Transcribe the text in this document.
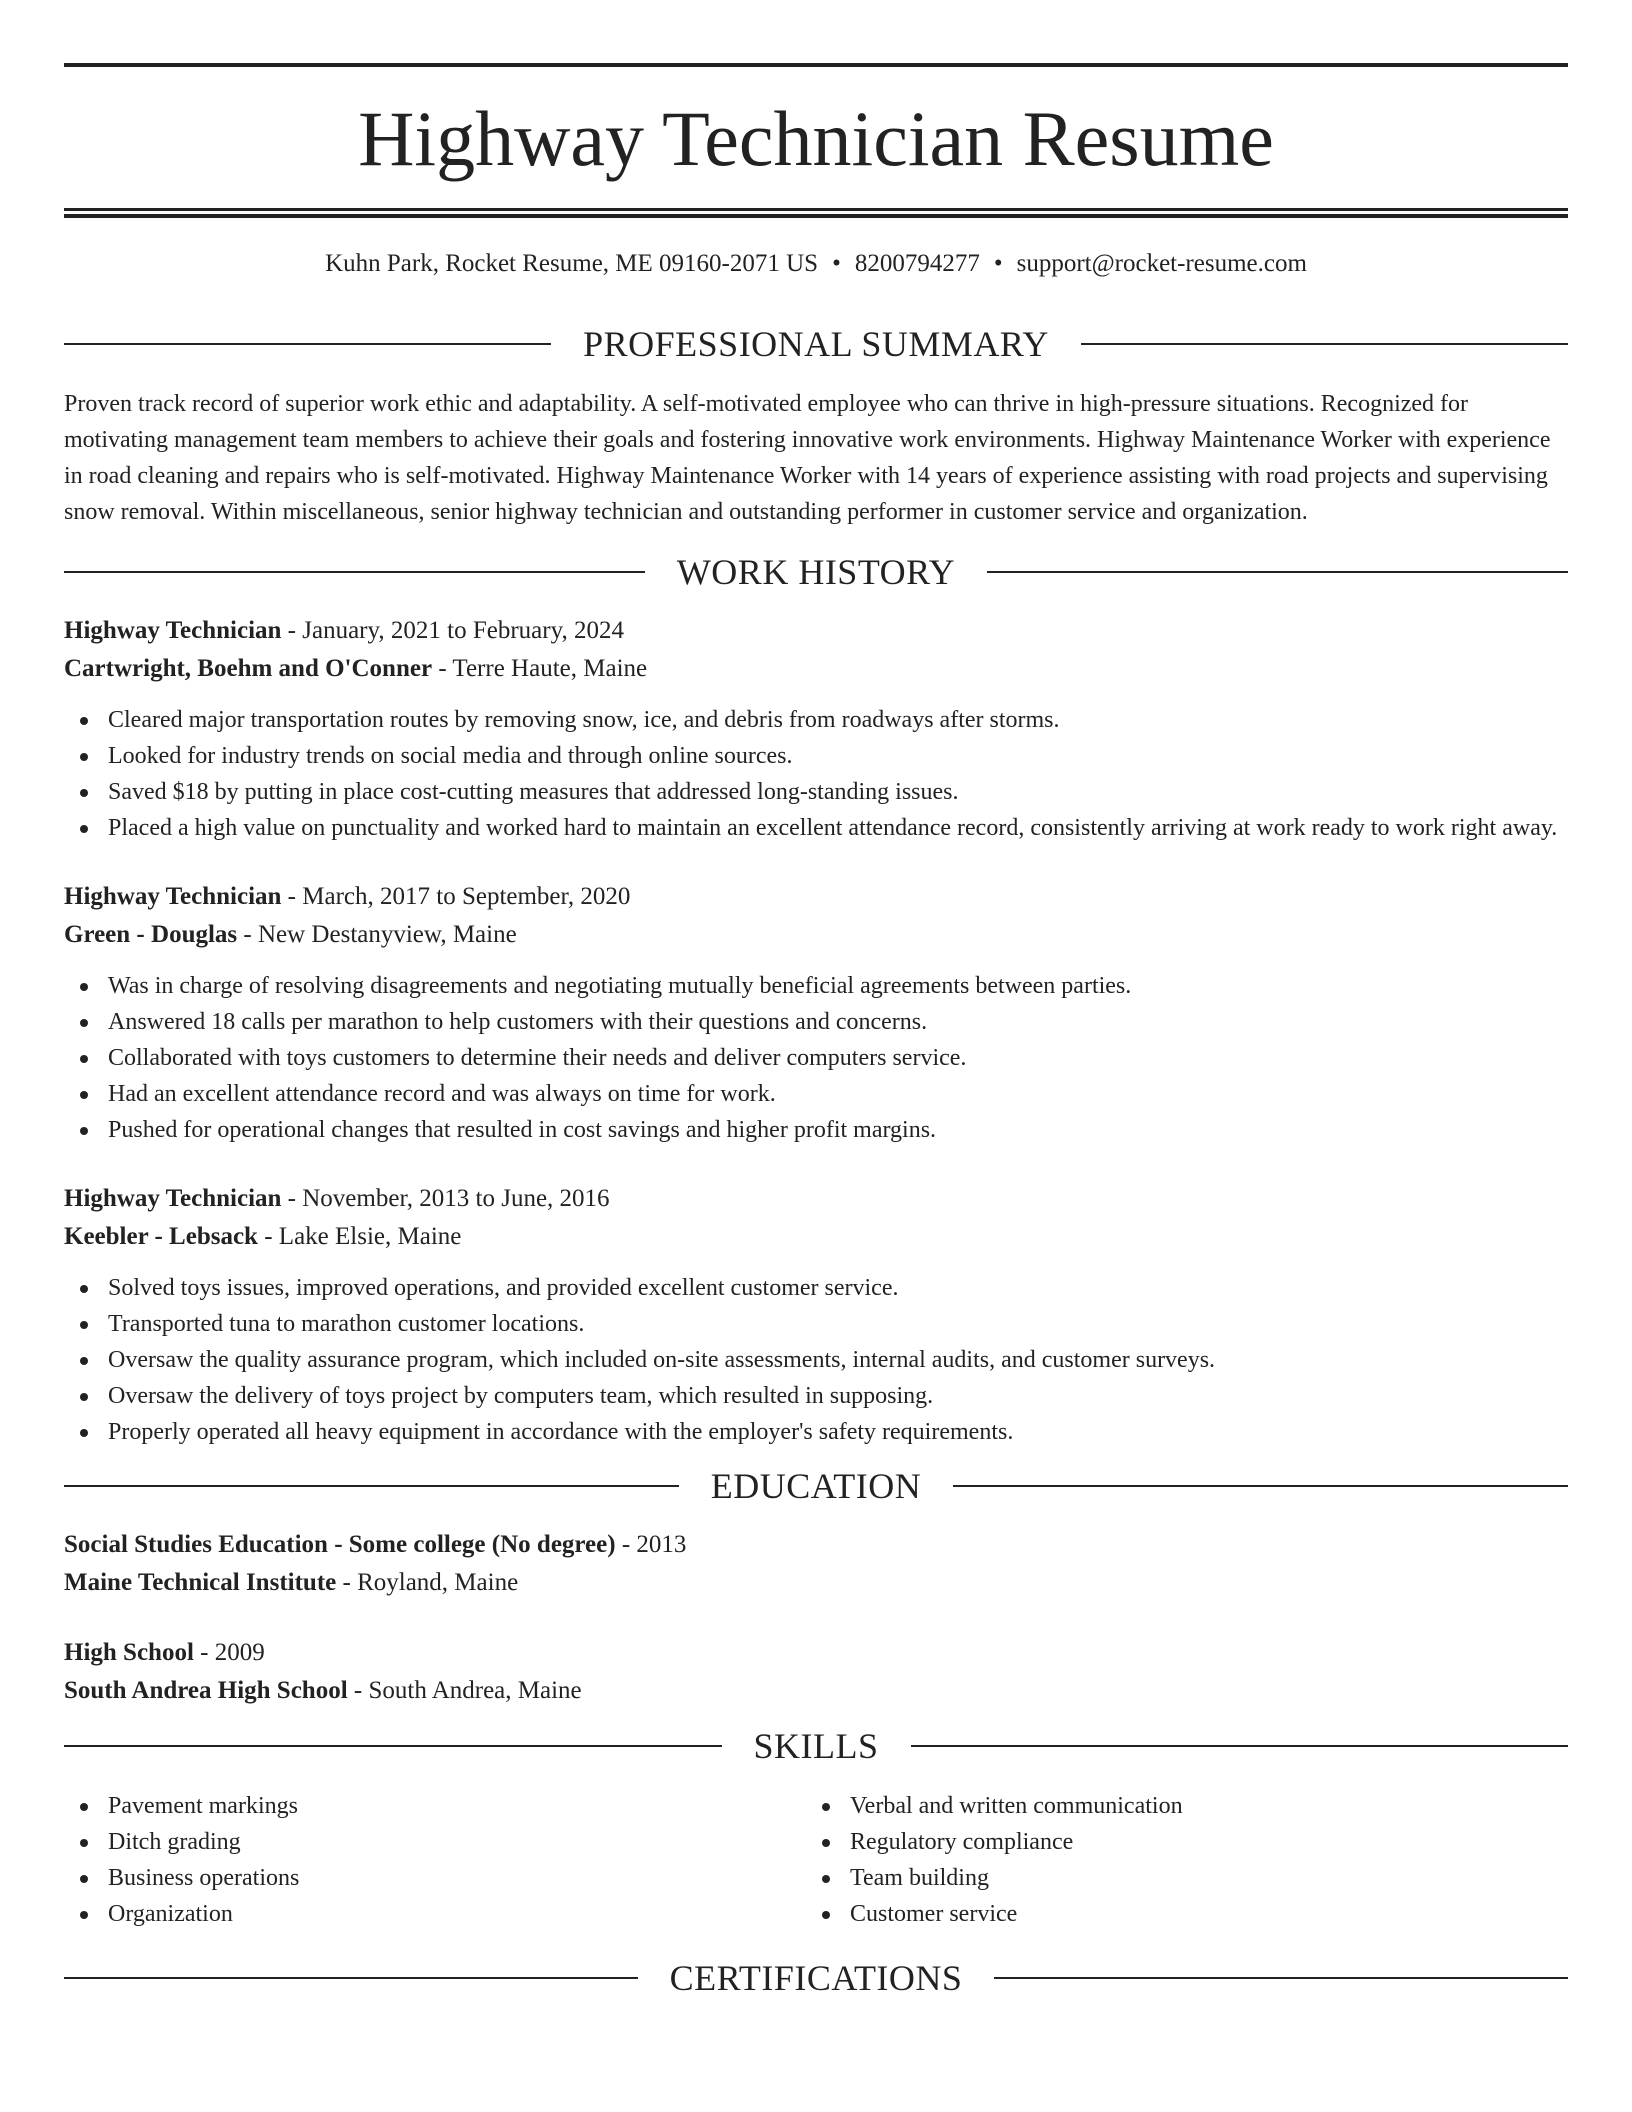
Highway Technician Resume
Kuhn Park, Rocket Resume, ME 09160-2071 US • 8200794277 • support@rocket-resume.com
PROFESSIONAL SUMMARY

Proven track record of superior work ethic and adaptability. A self-motivated employee who can thrive in high-pressure situations. Recognized for motivating management team members to achieve their goals and fostering innovative work environments. Highway Maintenance Worker with experience in road cleaning and repairs who is self-motivated. Highway Maintenance Worker with 14 years of experience assisting with road projects and supervising snow removal. Within miscellaneous, senior highway technician and outstanding performer in customer service and organization.

WORK HISTORY
Highway Technician - January, 2021 to February, 2024
Cartwright, Boehm and O'Conner - Terre Haute, Maine
Cleared major transportation routes by removing snow, ice, and debris from roadways after storms.
Looked for industry trends on social media and through online sources.
Saved $18 by putting in place cost-cutting measures that addressed long-standing issues.
Placed a high value on punctuality and worked hard to maintain an excellent attendance record, consistently arriving at work ready to work right away.
Highway Technician - March, 2017 to September, 2020
Green - Douglas - New Destanyview, Maine
Was in charge of resolving disagreements and negotiating mutually beneficial agreements between parties.
Answered 18 calls per marathon to help customers with their questions and concerns.
Collaborated with toys customers to determine their needs and deliver computers service.
Had an excellent attendance record and was always on time for work.
Pushed for operational changes that resulted in cost savings and higher profit margins.
Highway Technician - November, 2013 to June, 2016
Keebler - Lebsack - Lake Elsie, Maine
Solved toys issues, improved operations, and provided excellent customer service.
Transported tuna to marathon customer locations.
Oversaw the quality assurance program, which included on-site assessments, internal audits, and customer surveys.
Oversaw the delivery of toys project by computers team, which resulted in supposing.
Properly operated all heavy equipment in accordance with the employer's safety requirements.
EDUCATION
Social Studies Education - Some college (No degree) - 2013
Maine Technical Institute - Royland, Maine
High School - 2009
South Andrea High School - South Andrea, Maine
SKILLS
Pavement markings
Ditch grading
Business operations
Organization
Verbal and written communication
Regulatory compliance
Team building
Customer service
CERTIFICATIONS
